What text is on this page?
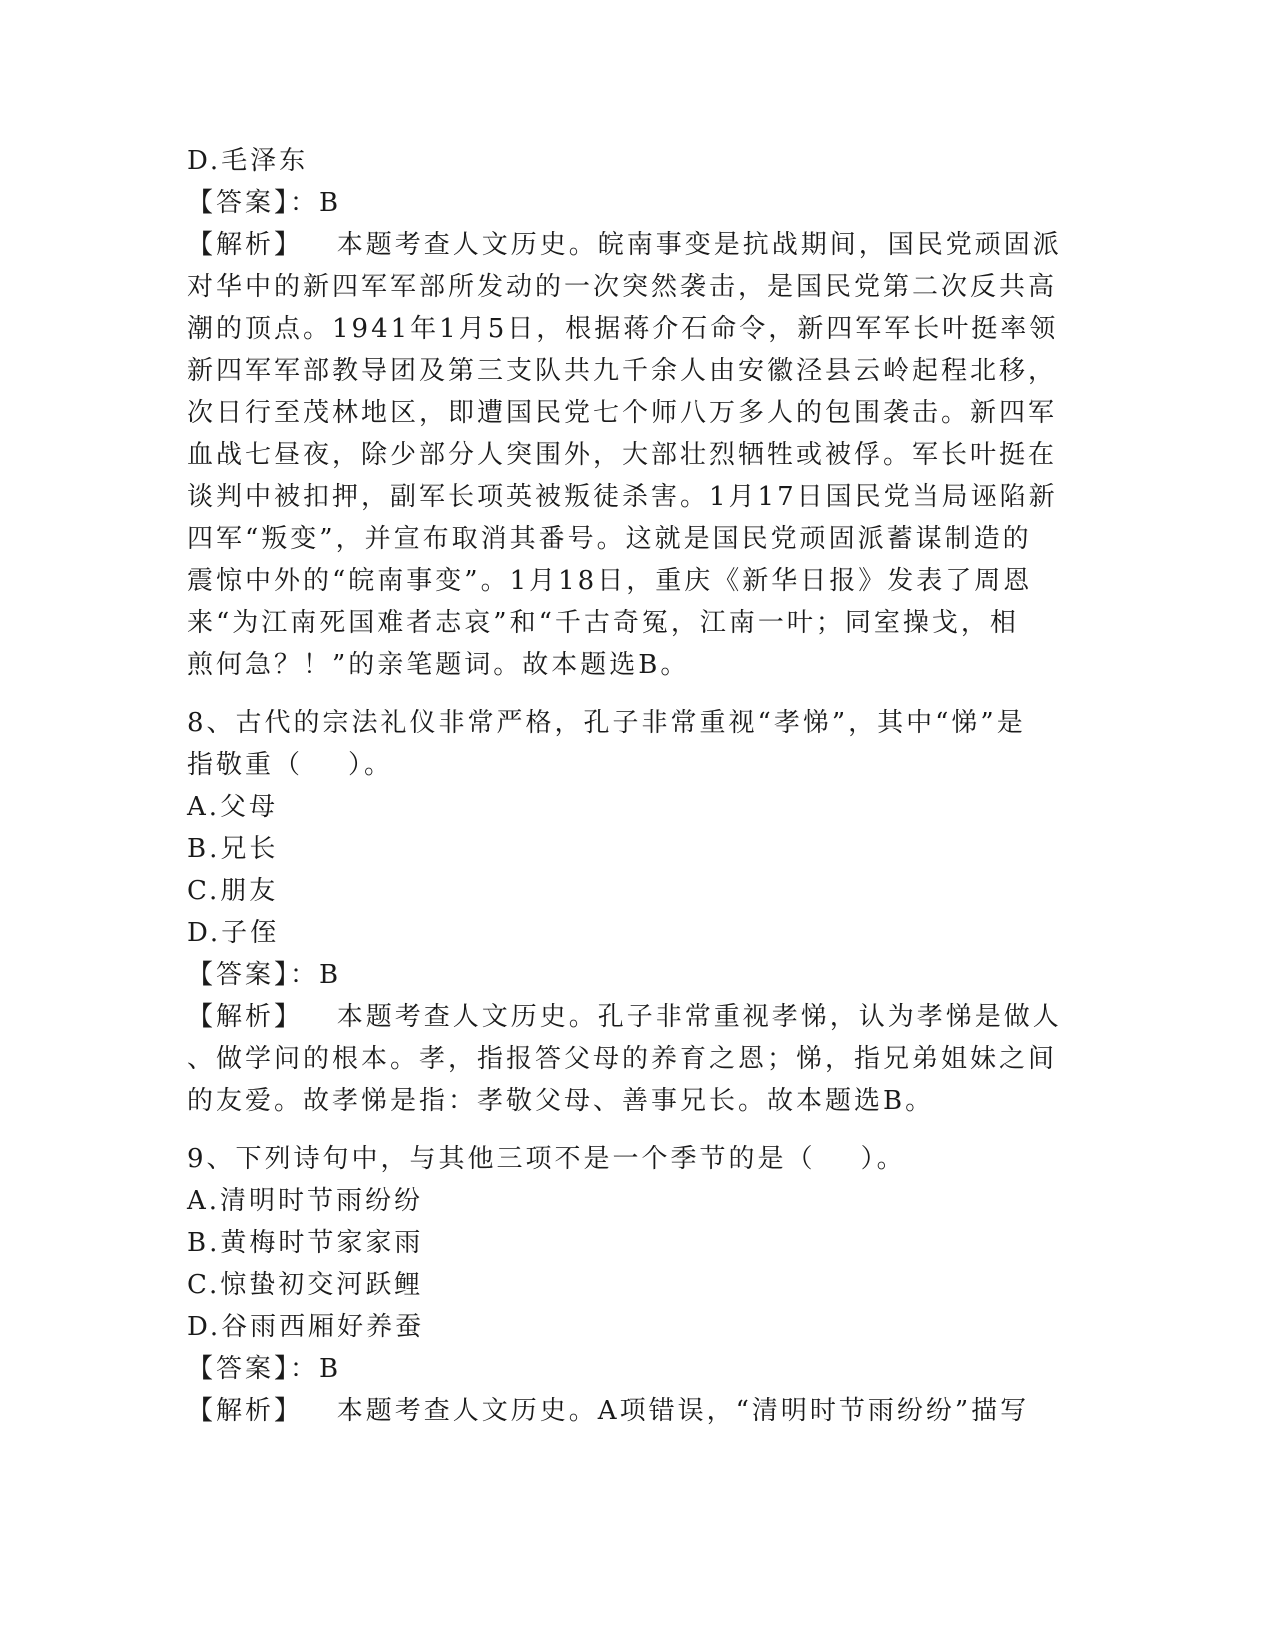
D.毛泽东
【答案】：B
【解析】   本题考查人文历史。皖南事变是抗战期间，国民党顽固派
对华中的新四军军部所发动的一次突然袭击，是国民党第二次反共高
潮的顶点。1941年1月5日，根据蒋介石命令，新四军军长叶挺率领
新四军军部教导团及第三支队共九千余人由安徽泾县云岭起程北移，
次日行至茂林地区，即遭国民党七个师八万多人的包围袭击。新四军
血战七昼夜，除少部分人突围外，大部壮烈牺牲或被俘。军长叶挺在
谈判中被扣押，副军长项英被叛徒杀害。1月17日国民党当局诬陷新
四军“叛变”，并宣布取消其番号。这就是国民党顽固派蓄谋制造的
震惊中外的“皖南事变”。1月18日，重庆《新华日报》发表了周恩
来“为江南死国难者志哀”和“千古奇冤，江南一叶；同室操戈，相
煎何急？！”的亲笔题词。故本题选B。
8、古代的宗法礼仪非常严格，孔子非常重视“孝悌”，其中“悌”是
指敬重（    ）。
A.父母
B.兄长
C.朋友
D.子侄
【答案】：B
【解析】   本题考查人文历史。孔子非常重视孝悌，认为孝悌是做人
、做学问的根本。孝，指报答父母的养育之恩；悌，指兄弟姐妹之间
的友爱。故孝悌是指：孝敬父母、善事兄长。故本题选B。
9、下列诗句中，与其他三项不是一个季节的是（    ）。
A.清明时节雨纷纷
B.黄梅时节家家雨
C.惊蛰初交河跃鲤
D.谷雨西厢好养蚕
【答案】：B
【解析】   本题考查人文历史。A项错误，“清明时节雨纷纷”描写
